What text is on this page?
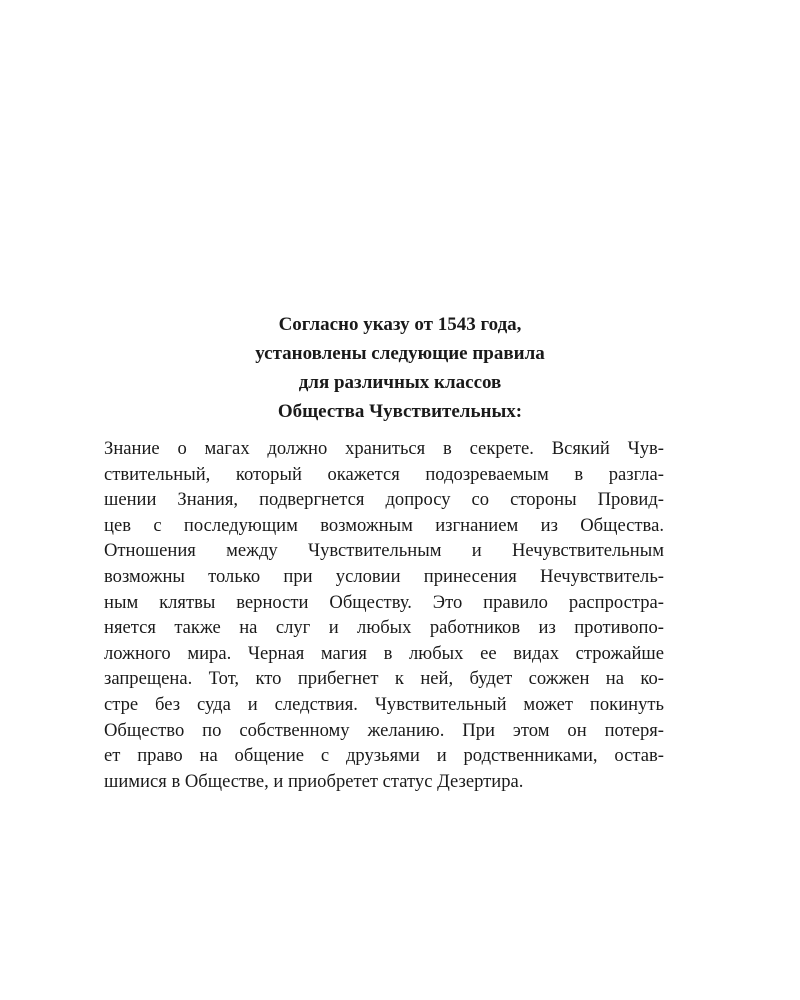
Согласно указу от 1543 года,
установлены следующие правила
для различных классов
Общества Чувствительных:

Знание о магах должно храниться в секрете. Всякий Чув-
ствительный, который окажется подозреваемым в разгла-
шении Знания, подвергнется допросу со стороны Провид-
цев с последующим возможным изгнанием из Общества.
Отношения между Чувствительным и Нечувствительным
возможны только при условии принесения Нечувствитель-
ным клятвы верности Обществу. Это правило распростра-
няется также на слуг и любых работников из противопо-
ложного мира. Черная магия в любых ее видах строжайше
запрещена. Тот, кто прибегнет к ней, будет сожжен на ко-
стре без суда и следствия. Чувствительный может покинуть
Общество по собственному желанию. При этом он потеря-
ет право на общение с друзьями и родственниками, остав-
шимися в Обществе, и приобретет статус Дезертира.
